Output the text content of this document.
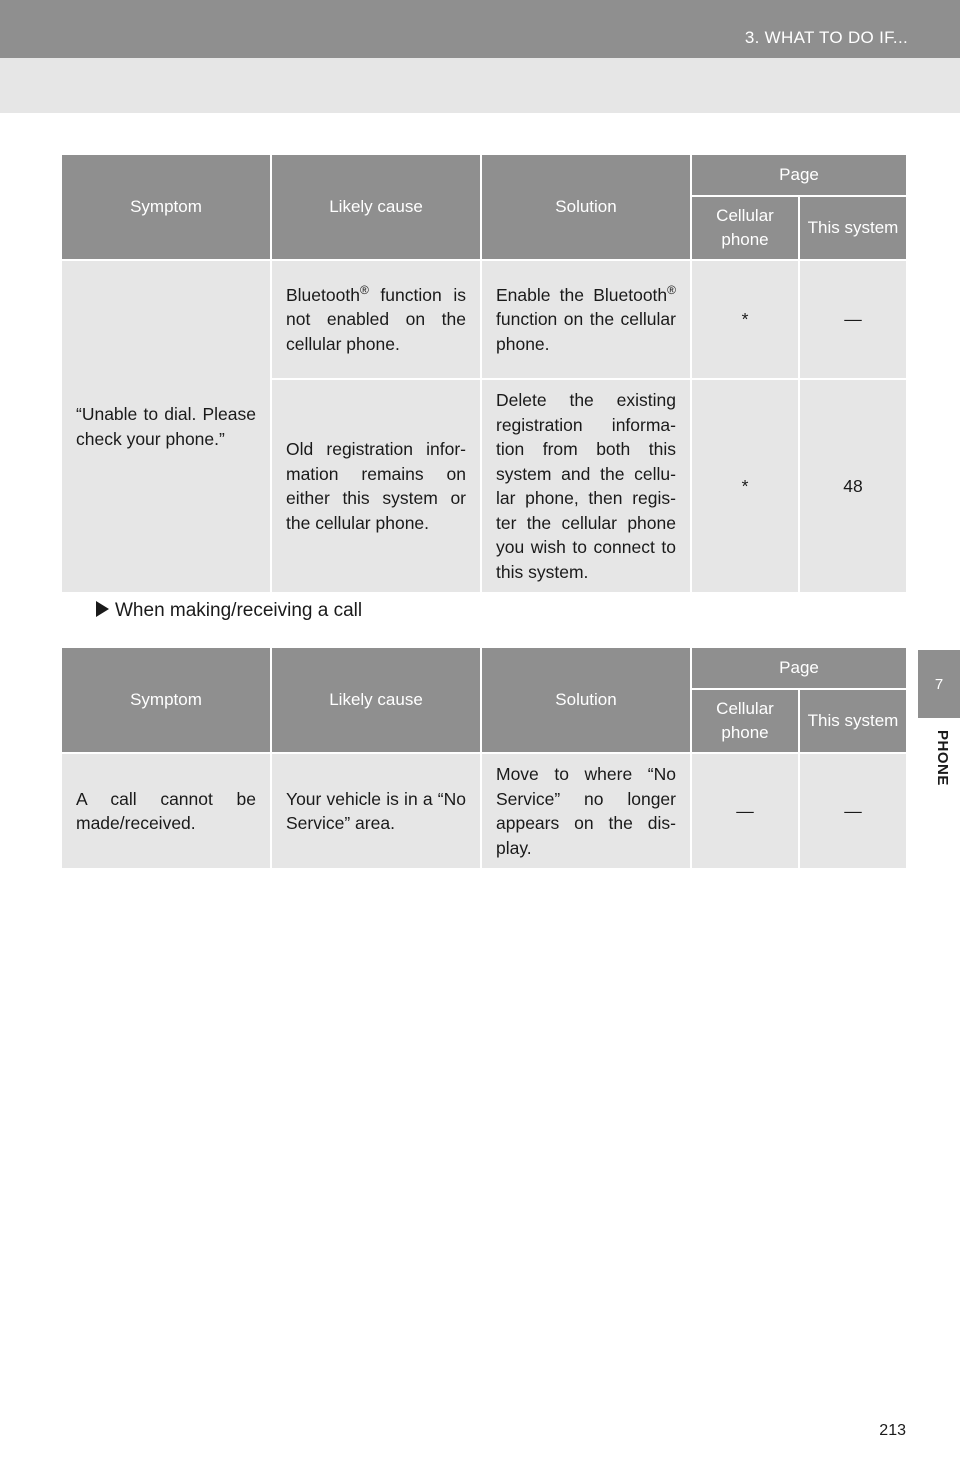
3. WHAT TO DO IF...
7
PHONE
Symptom	Likely cause	Solution	Page	
			Cellular phone	This system
“Unable to dial. Please check your phone.”	Bluetooth® function is not enabled on the cellular phone.	Enable the Bluetooth® function on the cellular phone.	*	—
	Old registration infor-mation remains on either this system or the cellular phone.	Delete the existing registration informa-tion from both this system and the cellu-lar phone, then regis-ter the cellular phone you wish to connect to this system.	*	48
When making/receiving a call
Symptom	Likely cause	Solution	Page	
			Cellular phone	This system
A call cannot be made/received.	Your vehicle is in a “No Service” area.	Move to where “No Service” no longer appears on the dis-play.	—	—
213
